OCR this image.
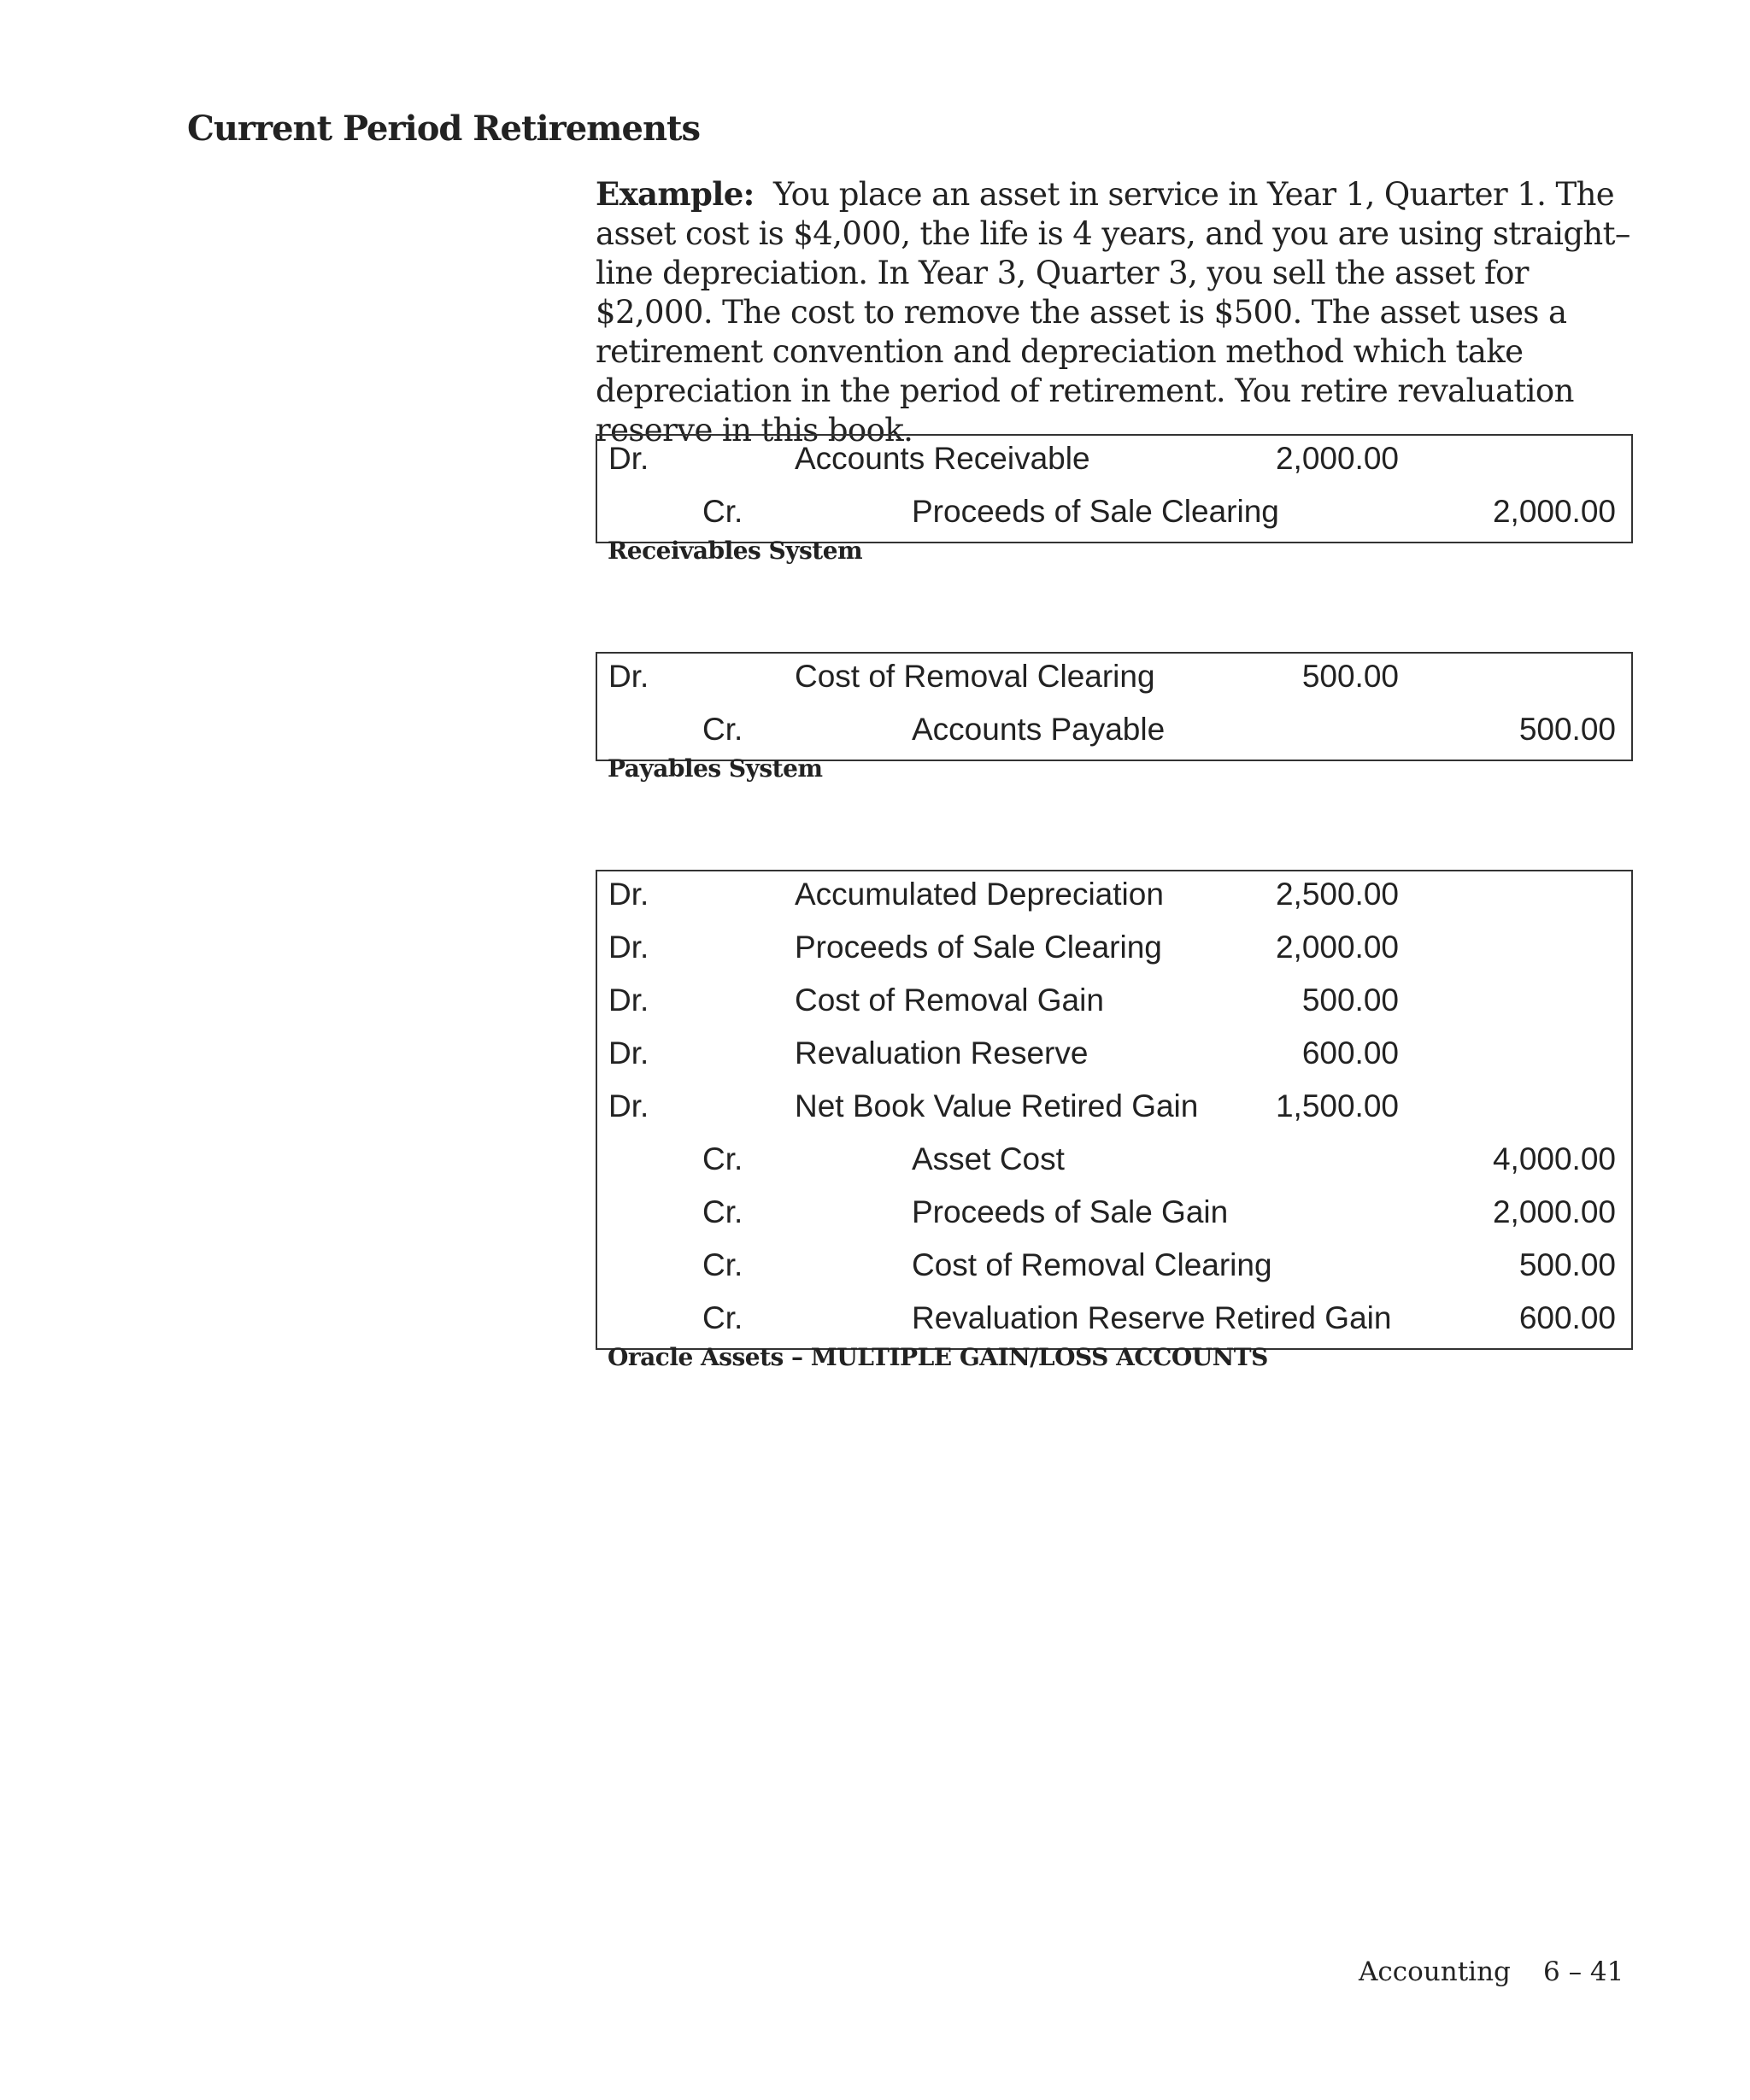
Current Period Retirements

Example: You place an asset in service in Year 1, Quarter 1. The asset cost is $4,000, the life is 4 years, and you are using straight–line depreciation. In Year 3, Quarter 3, you sell the asset for $2,000. The cost to remove the asset is $500. The asset uses a retirement convention and depreciation method which take depreciation in the period of retirement. You retire revaluation reserve in this book.

Dr.	Accounts Receivable	2,000.00
Cr.	Proceeds of Sale Clearing	2,000.00

Receivables System

Dr.	Cost of Removal Clearing	500.00
Cr.	Accounts Payable	500.00

Payables System

Dr.	Accumulated Depreciation	2,500.00
Dr.	Proceeds of Sale Clearing	2,000.00
Dr.	Cost of Removal Gain	500.00
Dr.	Revaluation Reserve	600.00
Dr.	Net Book Value Retired Gain 1,500.00
Cr.	Asset Cost	4,000.00
Cr.	Proceeds of Sale Gain	2,000.00
Cr.	Cost of Removal Clearing	500.00
Cr.	Revaluation Reserve Retired Gain	600.00

Oracle Assets – MULTIPLE GAIN/LOSS ACCOUNTS

Accounting 6 – 41
